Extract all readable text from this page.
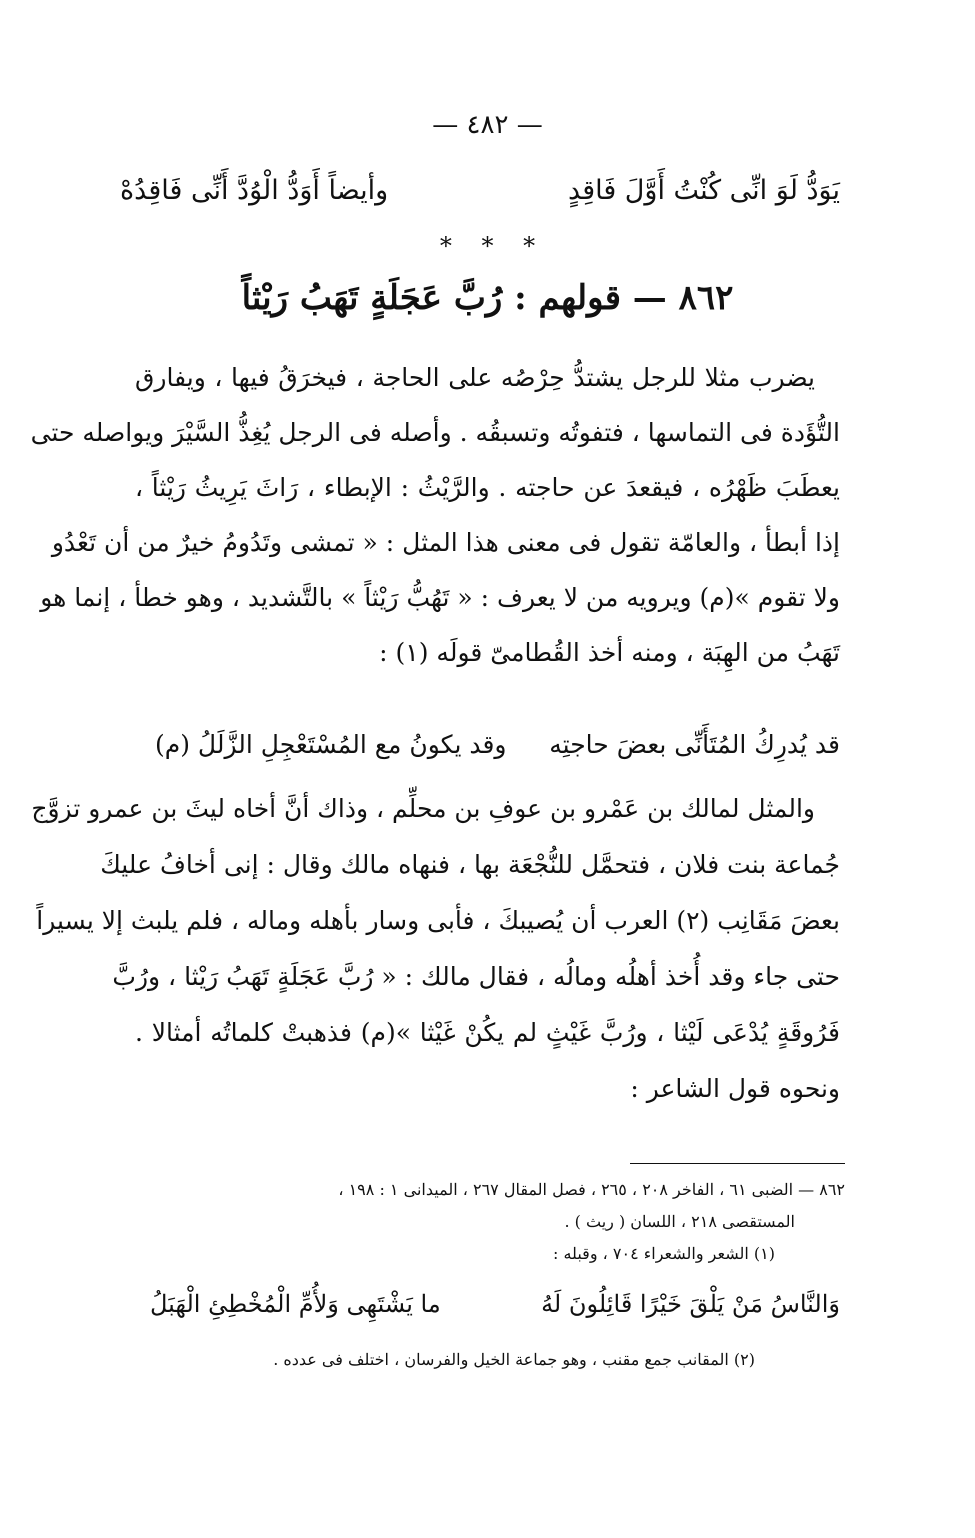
— ٤٨٢ —
يَوَدُّ لَوَ انِّى كُنْتُ أَوَّلَ فَاقِدٍ
وأيضاً أَوَدُّ الْوُدَّ أَنِّى فَاقِدُهْ
* * *
٨٦٢ — قولهم : رُبَّ عَجَلَةٍ تَهَبُ رَيْثاً
يضرب مثلا للرجل يشتدُّ حِرْصُه على الحاجة ، فيخرَقُ فيها ، ويفارق
التُّؤَدة فى التماسها ، فتفوتُه وتسبقُه . وأصله فى الرجل يُغِذُّ السَّيْرَ ويواصله حتى
يعطَبَ ظَهْرُه ، فيقعدَ عن حاجته . والرَّيْثُ : الإبطاء ، رَاثَ يَرِيثُ رَيْثاً ،
إذا أبطأ ، والعامّة تقول فى معنى هذا المثل : « تمشى وتَدُومُ خيرٌ من أن تَعْدُو
ولا تقوم »(م) ويرويه من لا يعرف : « تَهُبُّ رَيْثاً » بالتَّشديد ، وهو خطأ ، إنما هو
تَهَبُ من الهِبَة ، ومنه أخذ القُطامىّ قولَه (١) :
قد يُدرِكُ المُتَأَنِّى بعضَ حاجتِه
وقد يكونُ مع المُسْتَعْجِلِ الزَّلَلُ (م)
والمثل لمالك بن عَمْرو بن عوفِ بن محلِّم ، وذاك أنَّ أخاه ليثَ بن عمرو تزوَّج
جُماعة بنت فلان ، فتحمَّل للنُّجْعَة بها ، فنهاه مالك وقال : إنى أخافُ عليكَ
بعضَ مَقَانِب (٢) العرب أن يُصيبكَ ، فأبى وسار بأهله وماله ، فلم يلبث إلا يسيراً
حتى جاء وقد أُخذ أهلُه ومالُه ، فقال مالك : « رُبَّ عَجَلَةٍ تَهَبُ رَيْثا ، ورُبَّ
فَرُوقَةٍ يُدْعَى لَيْثا ، ورُبَّ غَيْثٍ لم يكُنْ غَيْثا »(م) فذهبتْ كلماتُه أمثالا .
ونحوه قول الشاعر :
٨٦٢ — الضبى ٦١ ، الفاخر ٢٠٨ ، ٢٦٥ ، فصل المقال ٢٦٧ ، الميدانى ١ : ١٩٨ ،
المستقصى ٢١٨ ، اللسان ( ريث ) .
(١) الشعر والشعراء ٧٠٤ ، وقبله :
وَالنَّاسُ مَنْ يَلْقَ خَيْرًا قَائِلُونَ لَهُ
ما يَشْتَهِى وَلأُمِّ الْمُخْطِئِ الْهَبَلُ
(٢) المقانب جمع مقنب ، وهو جماعة الخيل والفرسان ، اختلف فى عدده .
